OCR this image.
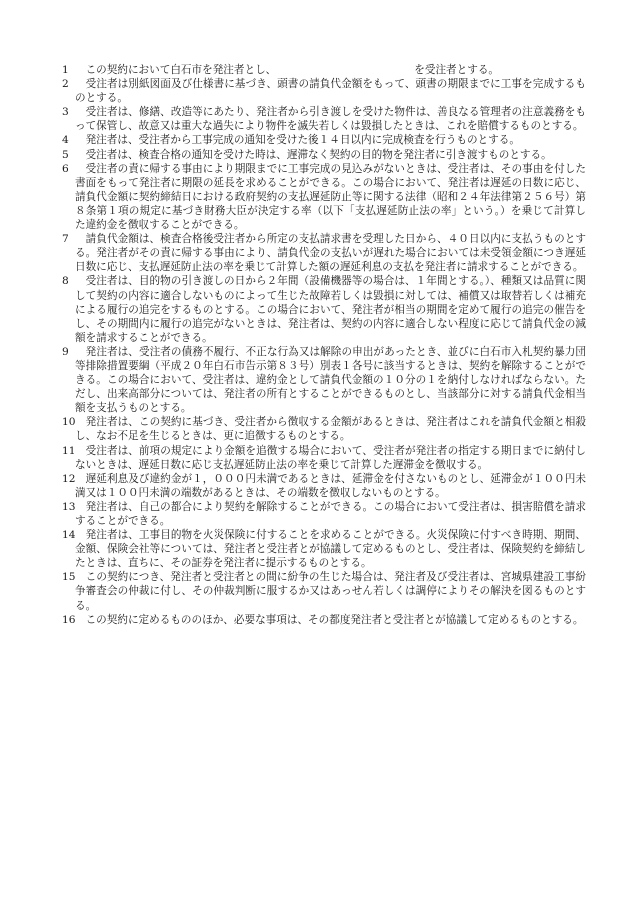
1 　この契約において白石市を発注者とし、	を受注者とする。

2 　受注者は別紙図面及び仕様書に基づき、頭書の請負代金額をもって、頭書の期限までに工事を完成するものとする。

3 　受注者は、修繕、改造等にあたり、発注者から引き渡しを受けた物件は、善良なる管理者の注意義務をもって保管し、故意又は重大な過失により物件を滅失若しくは毀損したときは、これを賠償するものとする。

4 　発注者は、受注者から工事完成の通知を受けた後１４日以内に完成検査を行うものとする。

5 　受注者は、検査合格の通知を受けた時は、遅滞なく契約の目的物を発注者に引き渡すものとする。

6 　受注者の責に帰する事由により期限までに工事完成の見込みがないときは、受注者は、その事由を付した書面をもって発注者に期限の延長を求めることができる。この場合において、発注者は遅延の日数に応じ、請負代金額に契約締結日における政府契約の支払遅延防止等に関する法律（昭和２４年法律第２５６号）第８条第１項の規定に基づき財務大臣が決定する率（以下「支払遅延防止法の率」という。）を乗じて計算した違約金を徴収することができる。

7 　請負代金額は、検査合格後受注者から所定の支払請求書を受理した日から、４０日以内に支払うものとする。発注者がその責に帰する事由により、請負代金の支払いが遅れた場合においては未受領金額につき遅延日数に応じ、支払遅延防止法の率を乗じて計算した額の遅延利息の支払を発注者に請求することができる。

8 　受注者は、目的物の引き渡しの日から２年間（設備機器等の場合は、１年間とする。）、種類又は品質に関して契約の内容に適合しないものによって生じた故障若しくは毀損に対しては、補償又は取替若しくは補充による履行の追完をするものとする。この場合において、発注者が相当の期間を定めて履行の追完の催告をし、その期間内に履行の追完がないときは、発注者は、契約の内容に適合しない程度に応じて請負代金の減額を請求することができる。

9 　発注者は、受注者の債務不履行、不正な行為又は解除の申出があったとき、並びに白石市入札契約暴力団等排除措置要綱（平成２０年白石市告示第８３号）別表１各号に該当するときは、契約を解除することができる。この場合において、受注者は、違約金として請負代金額の１０分の１を納付しなければならない。ただし、出来高部分については、発注者の所有とすることができるものとし、当該部分に対する請負代金相当額を支払うものとする。

10 　発注者は、この契約に基づき、受注者から徴収する金額があるときは、発注者はこれを請負代金額と相殺し、なお不足を生じるときは、更に追徴するものとする。

11 　受注者は、前項の規定により金額を追徴する場合において、受注者が発注者の指定する期日までに納付しないときは、遅延日数に応じ支払遅延防止法の率を乗じて計算した遅滞金を徴収する。

12 　遅延利息及び違約金が１，０００円未満であるときは、延滞金を付さないものとし、延滞金が１００円未満又は１００円未満の端数があるときは、その端数を徴収しないものとする。

13 　発注者は、自己の都合により契約を解除することができる。この場合において受注者は、損害賠償を請求することができる。

14 　発注者は、工事目的物を火災保険に付することを求めることができる。火災保険に付すべき時期、期間、金額、保険会社等については、発注者と受注者とが協議して定めるものとし、受注者は、保険契約を締結したときは、直ちに、その証券を発注者に提示するものとする。

15 　この契約につき、発注者と受注者との間に紛争の生じた場合は、発注者及び受注者は、宮城県建設工事紛争審査会の仲裁に付し、その仲裁判断に服するか又はあっせん若しくは調停によりその解決を図るものとする。

16 　この契約に定めるもののほか、必要な事項は、その都度発注者と受注者とが協議して定めるものとする。
